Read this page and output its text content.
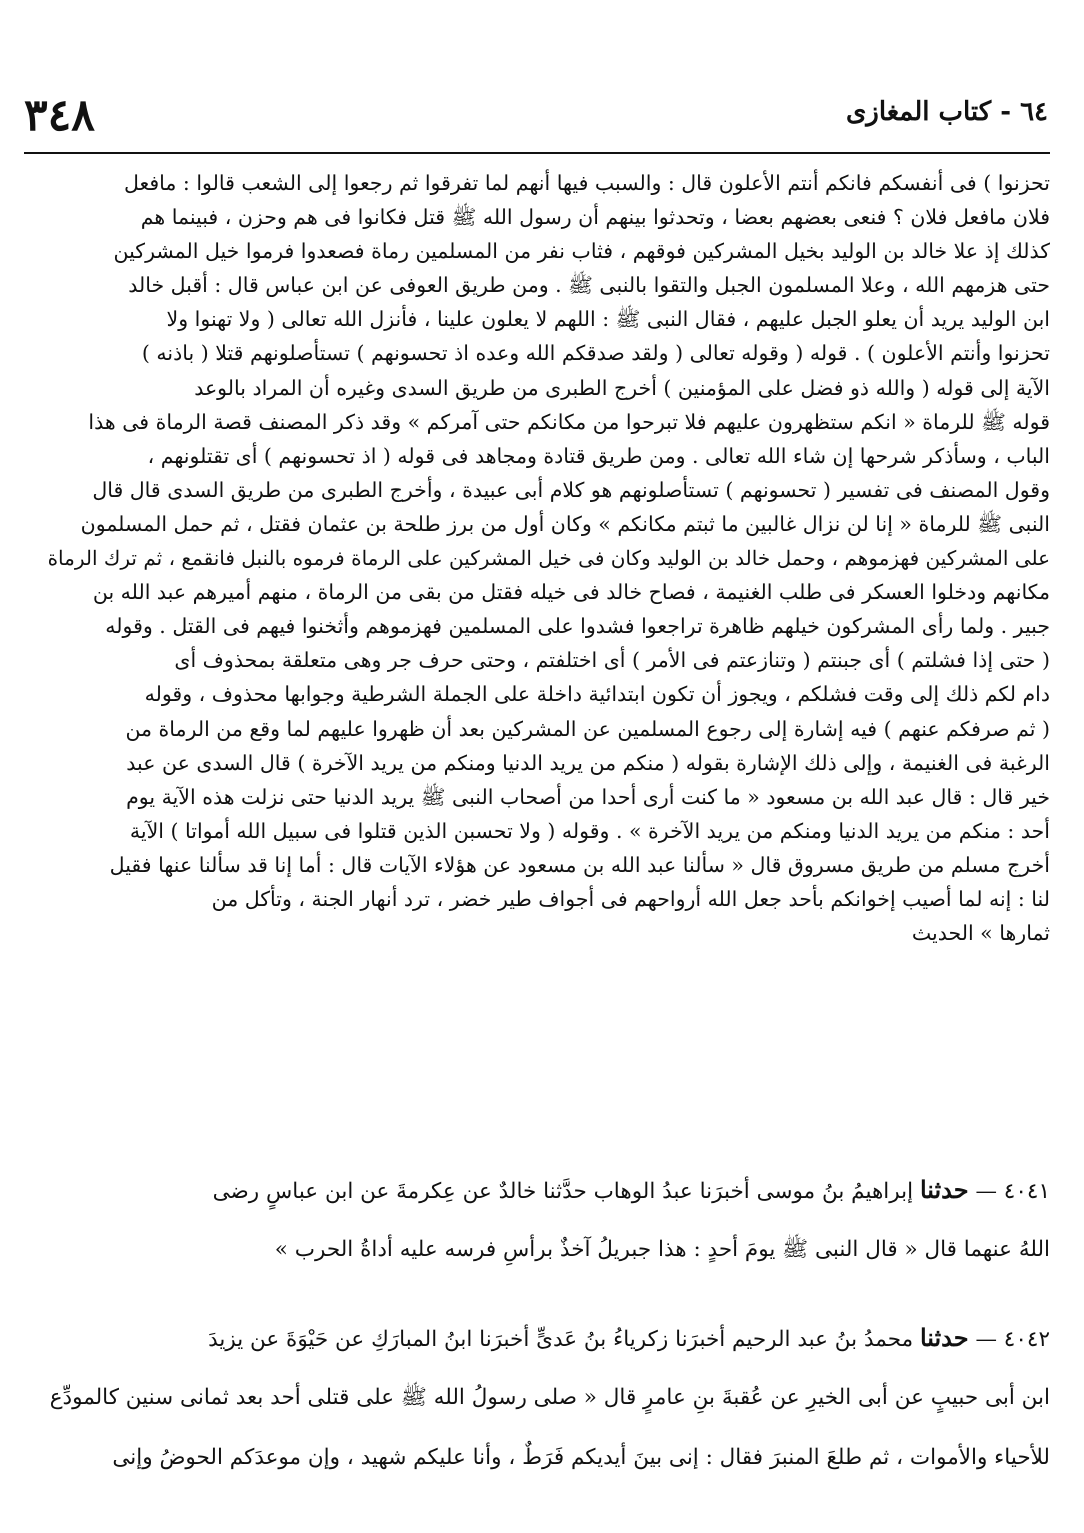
٣٤٨	٦٤ - كتاب المغازى
تحزنوا ) فى أنفسكم فانكم أنتم الأعلون قال : والسبب فيها أنهم لما تفرقوا ثم رجعوا إلى الشعب قالوا : مافعل
فلان مافعل فلان ؟ فنعى بعضهم بعضا ، وتحدثوا بينهم أن رسول الله ﷺ قتل فكانوا فى هم وحزن ، فبينما هم
كذلك إذ علا خالد بن الوليد بخيل المشركين فوقهم ، فثاب نفر من المسلمين رماة فصعدوا فرموا خيل المشركين
حتى هزمهم الله ، وعلا المسلمون الجبل والتقوا بالنبى ﷺ . ومن طريق العوفى عن ابن عباس قال : أقبل خالد
ابن الوليد يريد أن يعلو الجبل عليهم ، فقال النبى ﷺ : اللهم لا يعلون علينا ، فأنزل الله تعالى ( ولا تهنوا ولا
تحزنوا وأنتم الأعلون ) . قوله ( وقوله تعالى ( ولقد صدقكم الله وعده اذ تحسونهم ) تستأصلونهم قتلا ( باذنه )
الآية إلى قوله ( والله ذو فضل على المؤمنين ) أخرج الطبرى من طريق السدى وغيره أن المراد بالوعد
قوله ﷺ للرماة « انكم ستظهرون عليهم فلا تبرحوا من مكانكم حتى آمركم » وقد ذكر المصنف قصة الرماة فى هذا
الباب ، وسأذكر شرحها إن شاء الله تعالى . ومن طريق قتادة ومجاهد فى قوله ( اذ تحسونهم ) أى تقتلونهم ،
وقول المصنف فى تفسير ( تحسونهم ) تستأصلونهم هو كلام أبى عبيدة ، وأخرج الطبرى من طريق السدى قال قال
النبى ﷺ للرماة « إنا لن نزال غالبين ما ثبتم مكانكم » وكان أول من برز طلحة بن عثمان فقتل ، ثم حمل المسلمون
على المشركين فهزموهم ، وحمل خالد بن الوليد وكان فى خيل المشركين على الرماة فرموه بالنبل فانقمع ، ثم ترك الرماة
مكانهم ودخلوا العسكر فى طلب الغنيمة ، فصاح خالد فى خيله فقتل من بقى من الرماة ، منهم أميرهم عبد الله بن
جبير . ولما رأى المشركون خيلهم ظاهرة تراجعوا فشدوا على المسلمين فهزموهم وأثخنوا فيهم فى القتل . وقوله
( حتى إذا فشلتم ) أى جبنتم ( وتنازعتم فى الأمر ) أى اختلفتم ، وحتى حرف جر وهى متعلقة بمحذوف أى
دام لكم ذلك إلى وقت فشلكم ، ويجوز أن تكون ابتدائية داخلة على الجملة الشرطية وجوابها محذوف ، وقوله
( ثم صرفكم عنهم ) فيه إشارة إلى رجوع المسلمين عن المشركين بعد أن ظهروا عليهم لما وقع من الرماة من
الرغبة فى الغنيمة ، وإلى ذلك الإشارة بقوله ( منكم من يريد الدنيا ومنكم من يريد الآخرة ) قال السدى عن عبد
خير قال : قال عبد الله بن مسعود « ما كنت أرى أحدا من أصحاب النبى ﷺ يريد الدنيا حتى نزلت هذه الآية يوم
أحد : منكم من يريد الدنيا ومنكم من يريد الآخرة » . وقوله ( ولا تحسبن الذين قتلوا فى سبيل الله أمواتا ) الآية
أخرج مسلم من طريق مسروق قال « سألنا عبد الله بن مسعود عن هؤلاء الآيات قال : أما إنا قد سألنا عنها فقيل
لنا : إنه لما أصيب إخوانكم بأحد جعل الله أرواحهم فى أجواف طير خضر ، ترد أنهار الجنة ، وتأكل من
ثمارها » الحديث
٤٠٤١ — حدثنا إبراهيمُ بنُ موسى أخبرَنا عبدُ الوهاب حدَّثنا خالدٌ عن عِكرمةَ عن ابن عباسٍ رضى
اللهُ عنهما قال « قال النبى ﷺ يومَ أحدٍ : هذا جبريلُ آخذٌ برأسِ فرسه عليه أداةُ الحرب »
٤٠٤٢ — حدثنا محمدُ بنُ عبد الرحيم أخبرَنا زكرياءُ بنُ عَدىٍّ أخبرَنا ابنُ المبارَكِ عن حَيْوَةَ عن يزيدَ
ابن أبى حبيبٍ عن أبى الخيرِ عن عُقبةَ بنِ عامرٍ قال « صلى رسولُ الله ﷺ على قتلى أحد بعد ثمانى سنين كالمودِّع
للأحياء والأموات ، ثم طلعَ المنبرَ فقال : إنى بينَ أيديكم فَرَطٌ ، وأنا عليكم شهيد ، وإن موعدَكم الحوضُ وإنى
